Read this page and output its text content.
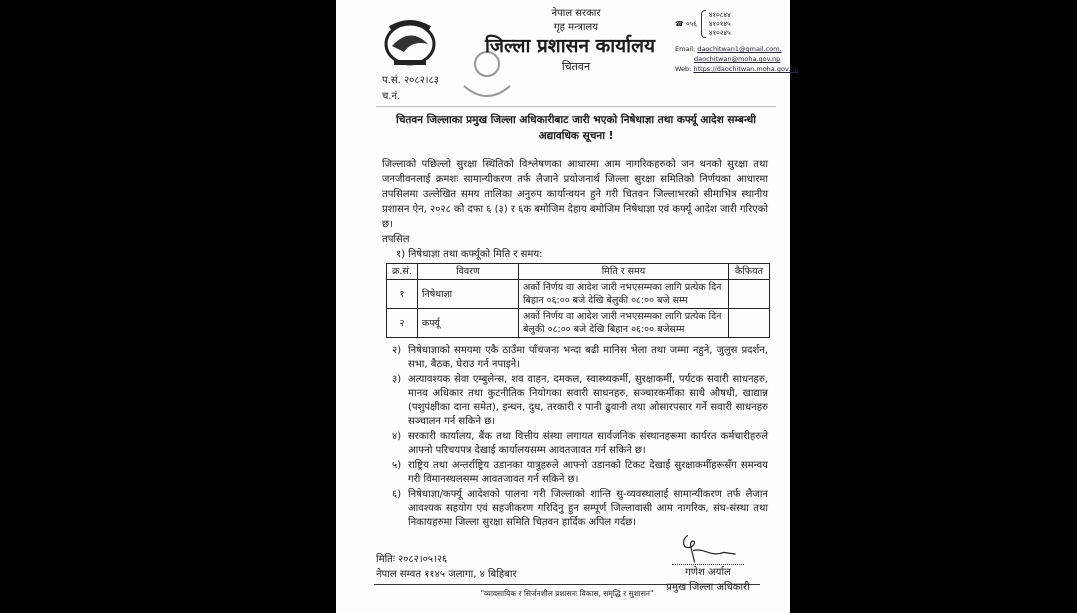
नेपाल सरकार
गृह मन्त्रालय
जिल्ला प्रशासन कार्यालय
चितवन
प.सं. २०८२।८३
च.नं.
☎ ०५६
४१०८४४
४१०१४५
४१०२४५
Email: daochitwan1@gmail.com,
daochitwan@moha.gov.np
Web: https://daochitwan.moha.gov.np
चितवन जिल्लाका प्रमुख जिल्ला अधिकारीबाट जारी भएको निषेधाज्ञा तथा कर्फ्यू आदेश सम्बन्धी
अद्यावधिक सूचना !
जिल्लाको पछिल्लो सुरक्षा स्थितिको विश्लेषणका आधारमा आम नागरिकहरुको जन धनको सुरक्षा तथा जनजीवनलाई क्रमशः सामान्यीकरण तर्फ लैजाने प्रयोजनार्थ जिल्ला सुरक्षा समितिको निर्णयका आधारमा तपसिलमा उल्लेखित समय तालिका अनुरुप कार्यान्वयन हुने गरी चितवन जिल्लाभरको सीमाभित्र स्थानीय प्रशासन ऐन, २०२८ को दफा ६ (३) र ६क बमोजिम देहाय बमोजिम निषेधाज्ञा एवं कर्फ्यू आदेश जारी गरिएको छ।
तपसिल
१) निषेधाज्ञा तथा कर्फ्यूको मिति र समय:
क्र.सं.	विवरण	मिति र समय	कैफियत
१	निषेधाज्ञा	अर्को निर्णय वा आदेश जारी नभएसम्मका लागि प्रत्येक दिन
बिहान ०६:०० बजे देखि बेलुकी ०८:०० बजे सम्म	

२	कर्फ्यू	अर्को निर्णय वा आदेश जारी नभएसम्मका लागि प्रत्येक दिन
बेलुकी ०८:०० बजे देखि बिहान ०६:०० बजेसम्म	

२) निषेधाज्ञाको समयमा एकै ठाउँमा पाँचजना भन्दा बढी मानिस भेला तथा जम्मा नहुने, जुलुस प्रदर्शन, सभा, बैठक, घेराउ गर्न नपाइने।
३) अत्यावश्यक सेवा एम्बुलेन्स, शव वाहन, दमकल, स्वास्थ्यकर्मी, सुरक्षाकर्मी, पर्यटक सवारी साधनहरु, मानव अधिकार तथा कुटनीतिक नियोगका सवारी साधनहरु, सञ्चारकर्मीका साथै औषधी, खाद्यान्न (पशुपंक्षीका दाना समेत), इन्धन, दुध, तरकारी र पानी ढुवानी तथा ओसारपसार गर्ने सवारी साधनहरु सञ्चालन गर्न सकिने छ।
४) सरकारी कार्यालय, बैंक तथा वित्तीय संस्था लगायत सार्वजनिक संस्थानहरूमा कार्यरत कर्मचारीहरुले आफ्नो परिचयपत्र देखाई कार्यालयसम्म आवतजावत गर्न सकिने छ।
५) राष्ट्रिय तथा अन्तर्राष्ट्रिय उडानका यात्रुहरुले आफ्नो उडानको टिकट देखाई सुरक्षाकर्मीहरूसँग समन्वय गरी विमानस्थलसम्म आवतजावत गर्न सकिने छ।
६) निषेधाज्ञा/कर्फ्यू आदेशको पालना गरी जिल्लाको शान्ति सु-व्यवस्थालाई सामान्यीकरण तर्फ लैजान आवश्यक सहयोग एवं सहजीकरण गरिदिनु हुन सम्पूर्ण जिल्लावासी आम नागरिक, संघ-संस्था तथा निकायहरुमा जिल्ला सुरक्षा समिति चितवन हार्दिक अपिल गर्दछ।
मितिः २०८२।०५।२६
नेपाल सम्वत ११४५ जलागा, ४ बिहिबार	गणेश अर्याल
प्रमुख जिल्ला अधिकारी
"व्यावसायिक र सिर्जनशील प्रशासनः विकास, समृद्धि र सुशासन"
